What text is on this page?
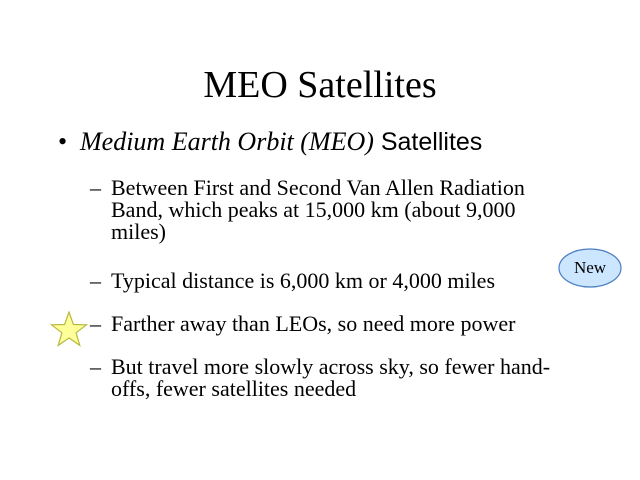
MEO Satellites
• Medium Earth Orbit (MEO) Satellites
– Between First and Second Van Allen Radiation Band, which peaks at 15,000 km (about 9,000 miles)
– Typical distance is 6,000 km or 4,000 miles
– Farther away than LEOs, so need more power
– But travel more slowly across sky, so fewer hand-offs, fewer satellites needed
New
